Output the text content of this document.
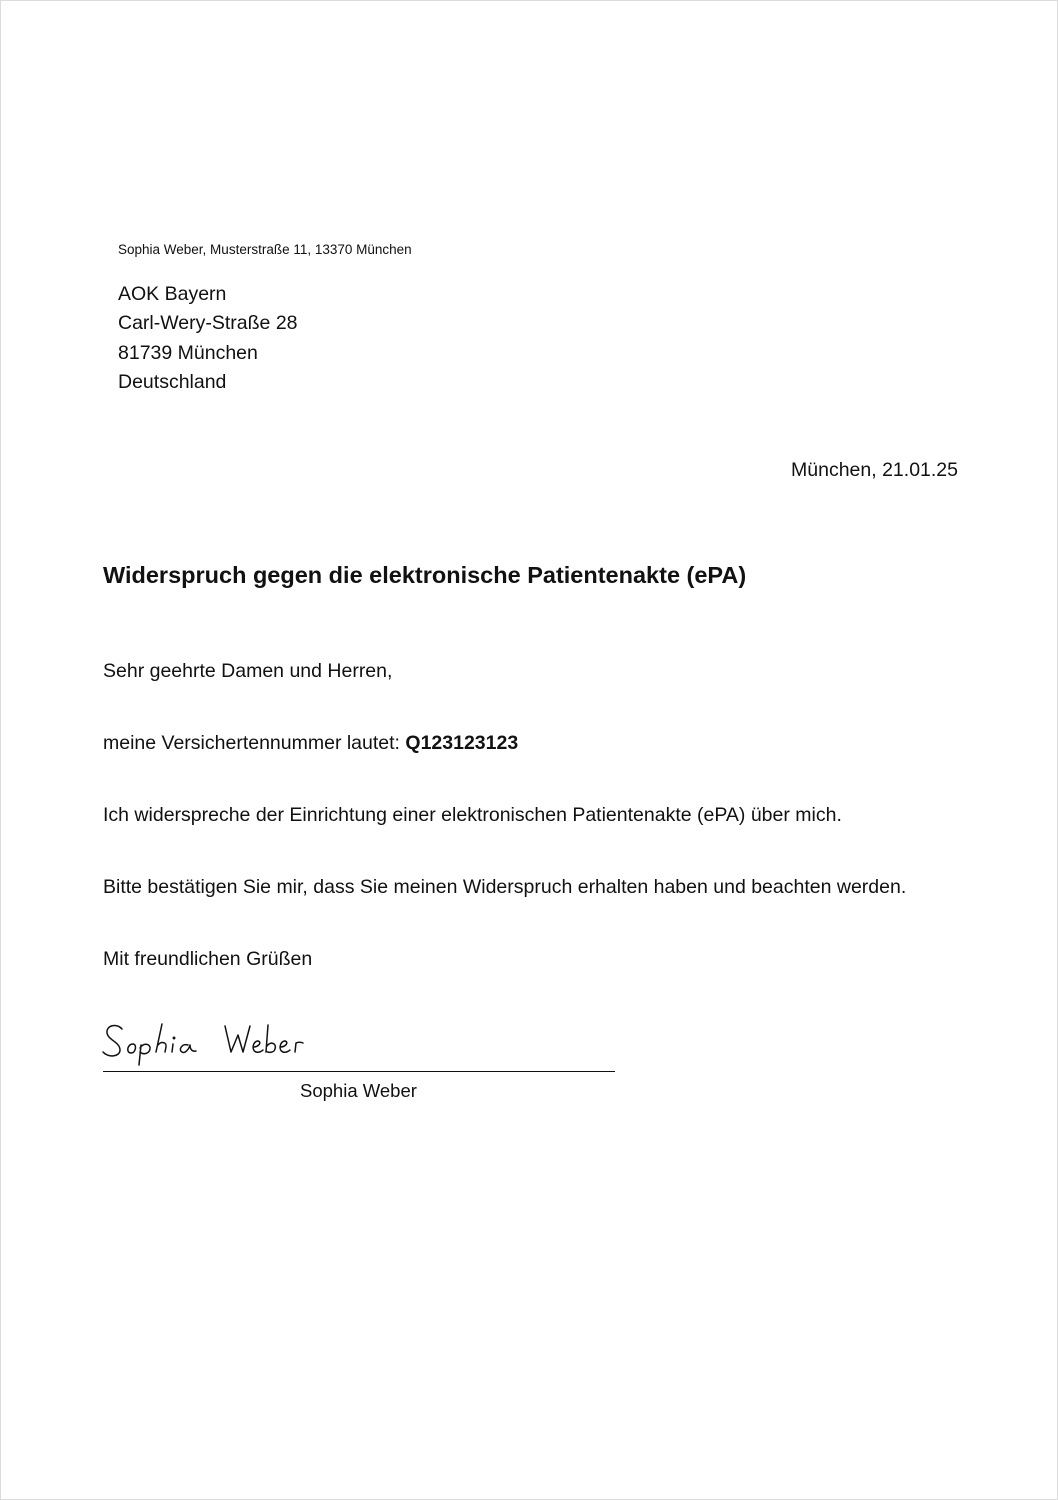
Sophia Weber, Musterstraße 11, 13370 München
AOK Bayern
Carl-Wery-Straße 28
81739 München
Deutschland
München, 21.01.25
Widerspruch gegen die elektronische Patientenakte (ePA)
Sehr geehrte Damen und Herren,
meine Versichertennummer lautet: Q123123123
Ich widerspreche der Einrichtung einer elektronischen Patientenakte (ePA) über mich.
Bitte bestätigen Sie mir, dass Sie meinen Widerspruch erhalten haben und beachten werden.
Mit freundlichen Grüßen
Sophia Weber
